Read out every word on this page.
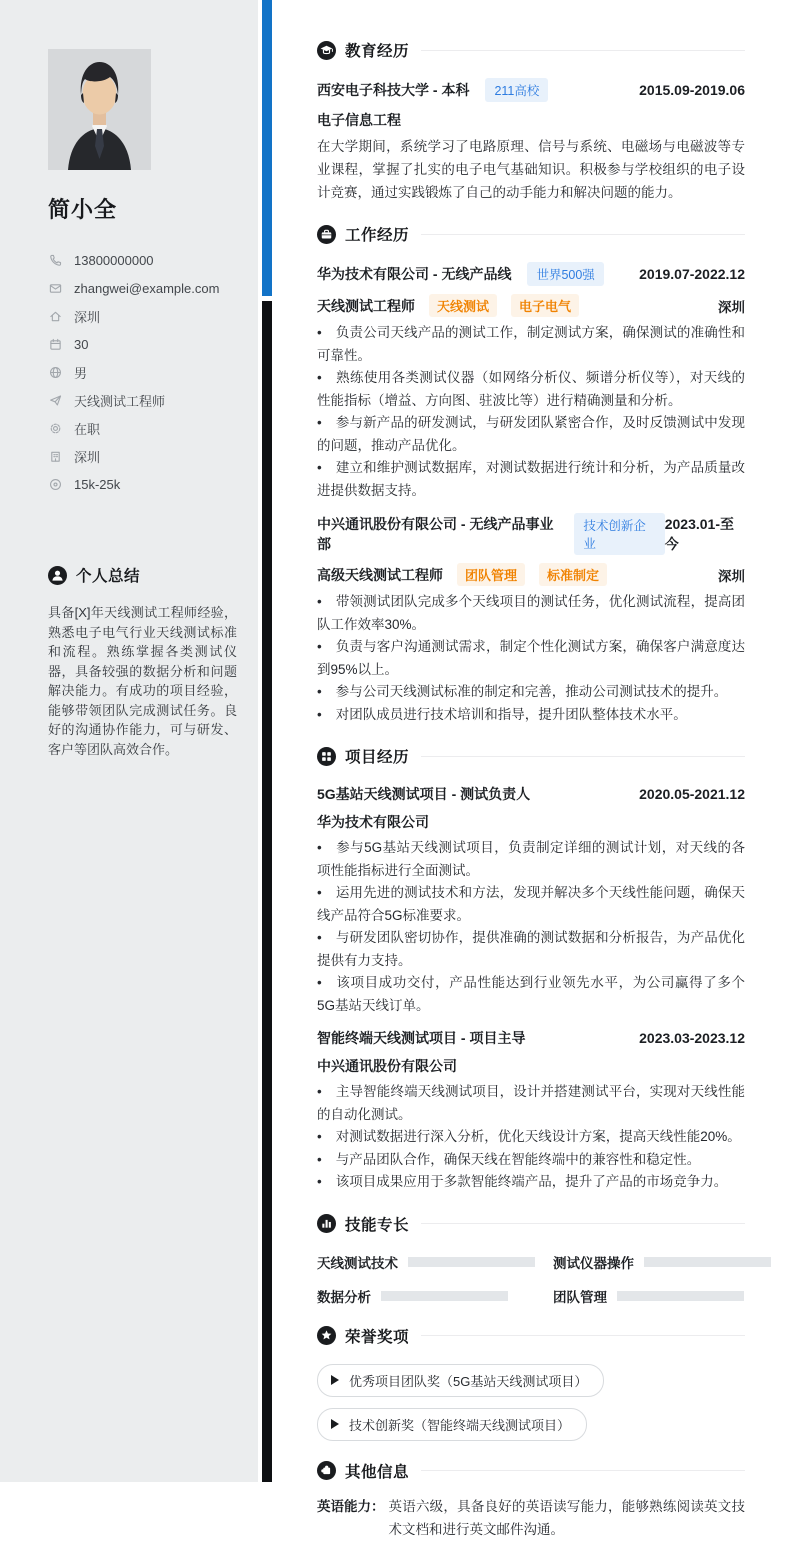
简小全
13800000000
zhangwei@example.com
深圳
30
男
天线测试工程师
在职
深圳
15k-25k
个人总结

具备[X]年天线测试工程师经验，熟悉电子电气行业天线测试标准和流程。熟练掌握各类测试仪器，具备较强的数据分析和问题解决能力。有成功的项目经验，能够带领团队完成测试任务。良好的沟通协作能力，可与研发、客户等团队高效合作。

教育经历
西安电子科技大学 - 本科	211高校	2015.09-2019.06
电子信息工程

在大学期间，系统学习了电路原理、信号与系统、电磁场与电磁波等专业课程，掌握了扎实的电子电气基础知识。积极参与学校组织的电子设计竞赛，通过实践锻炼了自己的动手能力和解决问题的能力。

工作经历
华为技术有限公司 - 无线产品线	世界500强	2019.07-2022.12
天线测试工程师	天线测试	电子电气	深圳
• 负责公司天线产品的测试工作，制定测试方案，确保测试的准确性和可靠性。
• 熟练使用各类测试仪器（如网络分析仪、频谱分析仪等），对天线的性能指标（增益、方向图、驻波比等）进行精确测量和分析。
• 参与新产品的研发测试，与研发团队紧密合作，及时反馈测试中发现的问题，推动产品优化。
• 建立和维护测试数据库，对测试数据进行统计和分析，为产品质量改进提供数据支持。
中兴通讯股份有限公司 - 无线产品事业部
技术创新企业
2023.01-至今
高级天线测试工程师	团队管理	标准制定	深圳
• 带领测试团队完成多个天线项目的测试任务，优化测试流程，提高团队工作效率30%。
• 负责与客户沟通测试需求，制定个性化测试方案，确保客户满意度达到95%以上。
• 参与公司天线测试标准的制定和完善，推动公司测试技术的提升。
• 对团队成员进行技术培训和指导，提升团队整体技术水平。
项目经历
5G基站天线测试项目 - 测试负责人	2020.05-2021.12
华为技术有限公司
• 参与5G基站天线测试项目，负责制定详细的测试计划，对天线的各项性能指标进行全面测试。
• 运用先进的测试技术和方法，发现并解决多个天线性能问题，确保天线产品符合5G标准要求。
• 与研发团队密切协作，提供准确的测试数据和分析报告，为产品优化提供有力支持。
• 该项目成功交付，产品性能达到行业领先水平，为公司赢得了多个5G基站天线订单。
智能终端天线测试项目 - 项目主导	2023.03-2023.12
中兴通讯股份有限公司
• 主导智能终端天线测试项目，设计并搭建测试平台，实现对天线性能的自动化测试。
• 对测试数据进行深入分析，优化天线设计方案，提高天线性能20%。
• 与产品团队合作，确保天线在智能终端中的兼容性和稳定性。
• 该项目成果应用于多款智能终端产品，提升了产品的市场竞争力。
技能专长
天线测试技术	测试仪器操作
数据分析	团队管理
荣誉奖项
优秀项目团队奖（5G基站天线测试项目）
技术创新奖（智能终端天线测试项目）
其他信息
英语能力： 英语六级，具备良好的英语读写能力，能够熟练阅读英文技术文档和进行英文邮件沟通。
